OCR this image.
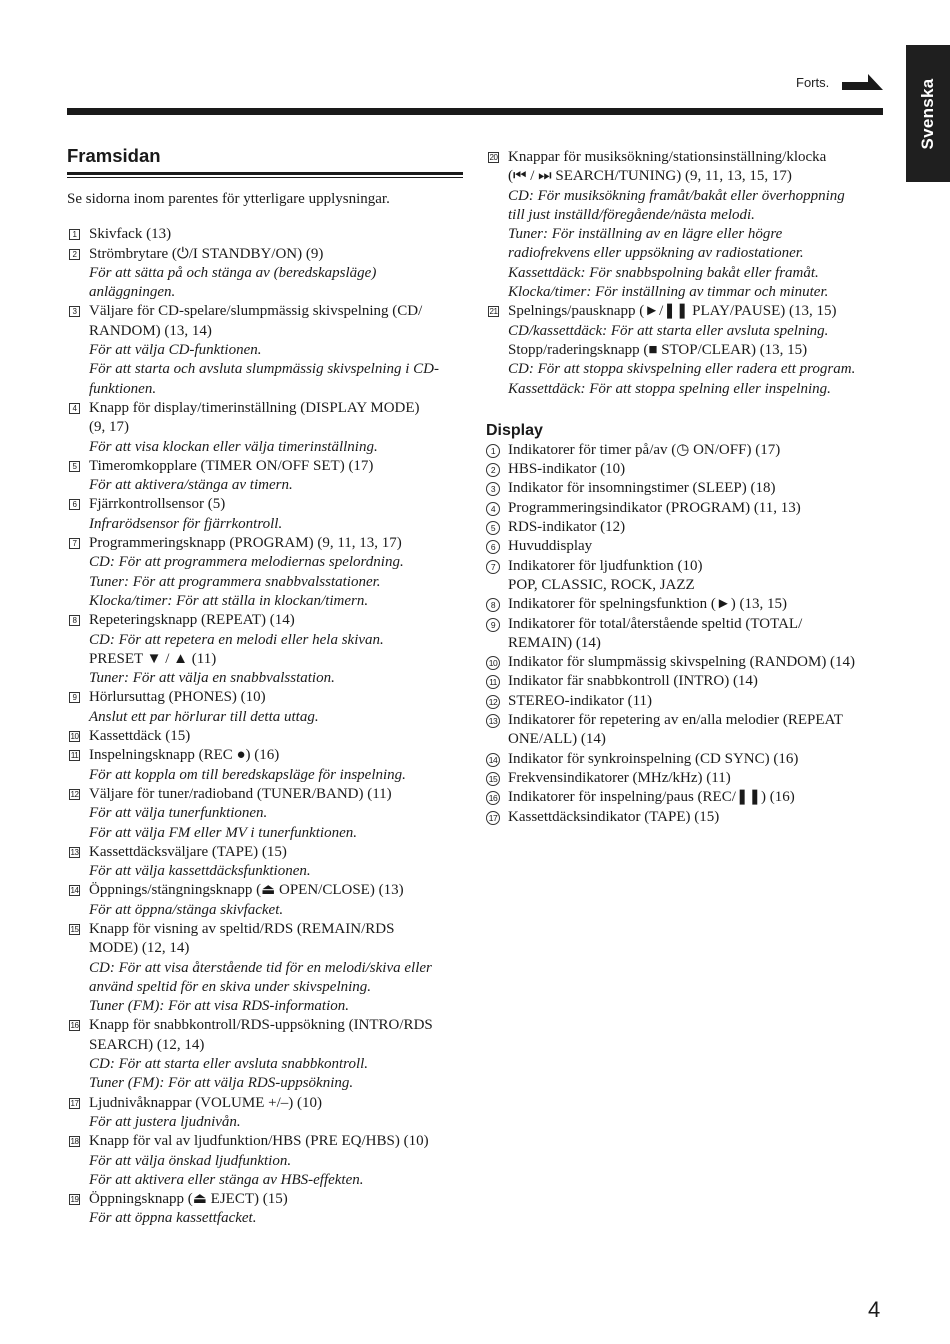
Svenska
Forts.
Framsidan
Se sidorna inom parentes för ytterligare upplysningar.
1 Skivfack (13)
2 Strömbrytare (⏻/I STANDBY/ON) (9)
För att sätta på och stänga av (beredskapsläge)
anläggningen.
3 Väljare för CD-spelare/slumpmässig skivspelning (CD/
RANDOM) (13, 14)
För att välja CD-funktionen.
För att starta och avsluta slumpmässig skivspelning i CD-
funktionen.
4 Knapp för display/timerinställning (DISPLAY MODE)
(9, 17)
För att visa klockan eller välja timerinställning.
5 Timeromkopplare (TIMER ON/OFF SET) (17)
För att aktivera/stänga av timern.
6 Fjärrkontrollsensor (5)
Infrarödsensor för fjärrkontroll.
7 Programmeringsknapp (PROGRAM) (9, 11, 13, 17)
CD: För att programmera melodiernas spelordning.
Tuner: För att programmera snabbvalsstationer.
Klocka/timer: För att ställa in klockan/timern.
8 Repeteringsknapp (REPEAT) (14)
CD: För att repetera en melodi eller hela skivan.
PRESET ▼ / ▲ (11)
Tuner: För att välja en snabbvalsstation.
9 Hörlursuttag (PHONES) (10)
Anslut ett par hörlurar till detta uttag.
10 Kassettdäck (15)
11 Inspelningsknapp (REC ●) (16)
För att koppla om till beredskapsläge för inspelning.
12 Väljare för tuner/radioband (TUNER/BAND) (11)
För att välja tunerfunktionen.
För att välja FM eller MV i tunerfunktionen.
13 Kassettdäcksväljare (TAPE) (15)
För att välja kassettdäcksfunktionen.
14 Öppnings/stängningsknapp (⏏ OPEN/CLOSE) (13)
För att öppna/stänga skivfacket.
15 Knapp för visning av speltid/RDS (REMAIN/RDS
MODE) (12, 14)
CD: För att visa återstående tid för en melodi/skiva eller
använd speltid för en skiva under skivspelning.
Tuner (FM): För att visa RDS-information.
16 Knapp för snabbkontroll/RDS-uppsökning (INTRO/RDS
SEARCH) (12, 14)
CD: För att starta eller avsluta snabbkontroll.
Tuner (FM): För att välja RDS-uppsökning.
17 Ljudnivåknappar (VOLUME +/–) (10)
För att justera ljudnivån.
18 Knapp för val av ljudfunktion/HBS (PRE EQ/HBS) (10)
För att välja önskad ljudfunktion.
För att aktivera eller stänga av HBS-effekten.
19 Öppningsknapp (⏏ EJECT) (15)
För att öppna kassettfacket.
20 Knappar för musiksökning/stationsinställning/klocka
(⏮ / ⏭ SEARCH/TUNING) (9, 11, 13, 15, 17)
CD: För musiksökning framåt/bakåt eller överhoppning
till just inställd/föregående/nästa melodi.
Tuner: För inställning av en lägre eller högre
radiofrekvens eller uppsökning av radiostationer.
Kassettdäck: För snabbspolning bakåt eller framåt.
Klocka/timer: För inställning av timmar och minuter.
21 Spelnings/pausknapp (►/❚❚ PLAY/PAUSE) (13, 15)
CD/kassettdäck: För att starta eller avsluta spelning.
Stopp/raderingsknapp (■ STOP/CLEAR) (13, 15)
CD: För att stoppa skivspelning eller radera ett program.
Kassettdäck: För att stoppa spelning eller inspelning.
Display
1 Indikatorer för timer på/av (◷ ON/OFF) (17)
2 HBS-indikator (10)
3 Indikator för insomningstimer (SLEEP) (18)
4 Programmeringsindikator (PROGRAM) (11, 13)
5 RDS-indikator (12)
6 Huvuddisplay
7 Indikatorer för ljudfunktion (10)
POP, CLASSIC, ROCK, JAZZ
8 Indikatorer för spelningsfunktion (►) (13, 15)
9 Indikatorer för total/återstående speltid (TOTAL/
REMAIN) (14)
10 Indikator för slumpmässig skivspelning (RANDOM) (14)
11 Indikator fär snabbkontroll (INTRO) (14)
12 STEREO-indikator (11)
13 Indikatorer för repetering av en/alla melodier (REPEAT
ONE/ALL) (14)
14 Indikator för synkroinspelning (CD SYNC) (16)
15 Frekvensindikatorer (MHz/kHz) (11)
16 Indikatorer för inspelning/paus (REC/❚❚) (16)
17 Kassettdäcksindikator (TAPE) (15)
4
